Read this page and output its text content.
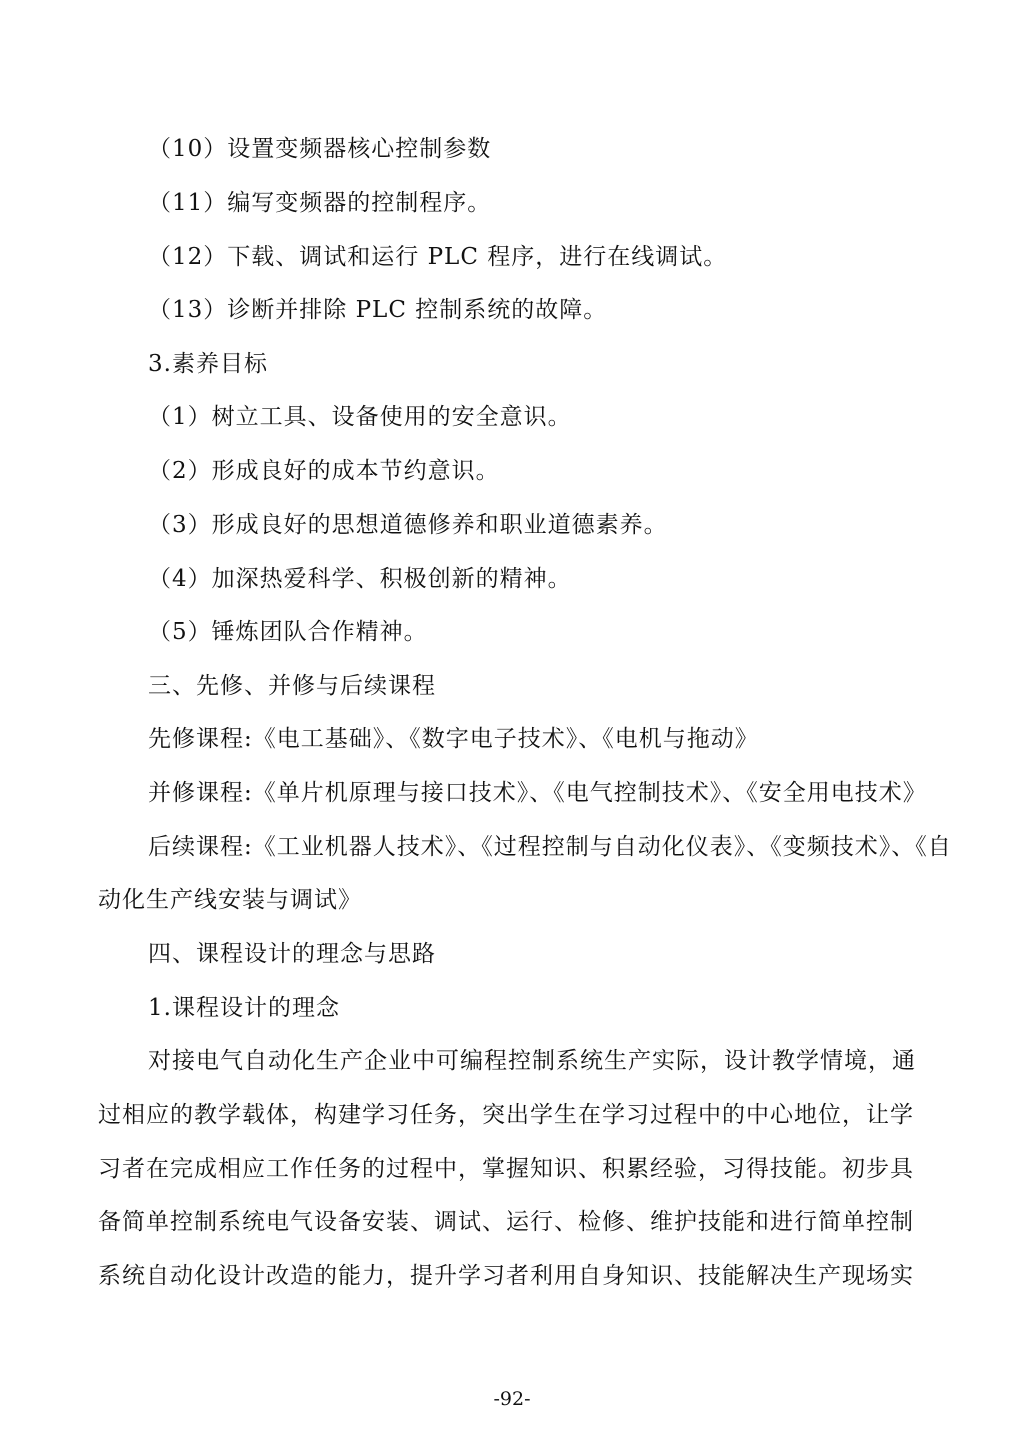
（10）设置变频器核心控制参数
（11）编写变频器的控制程序。
（12）下载、调试和运行 PLC 程序，进行在线调试。
（13）诊断并排除 PLC 控制系统的故障。
3.素养目标
（1）树立工具、设备使用的安全意识。
（2）形成良好的成本节约意识。
（3）形成良好的思想道德修养和职业道德素养。
（4）加深热爱科学、积极创新的精神。
（5）锤炼团队合作精神。
三、先修、并修与后续课程
先修课程:《电工基础》、《数字电子技术》、《电机与拖动》
并修课程:《单片机原理与接口技术》、《电气控制技术》、《安全用电技术》
后续课程:《工业机器人技术》、《过程控制与自动化仪表》、《变频技术》、《自
动化生产线安装与调试》
四、课程设计的理念与思路
1.课程设计的理念
对接电气自动化生产企业中可编程控制系统生产实际，设计教学情境，通
过相应的教学载体，构建学习任务，突出学生在学习过程中的中心地位，让学
习者在完成相应工作任务的过程中，掌握知识、积累经验，习得技能。初步具
备简单控制系统电气设备安装、调试、运行、检修、维护技能和进行简单控制
系统自动化设计改造的能力，提升学习者利用自身知识、技能解决生产现场实
-92-
